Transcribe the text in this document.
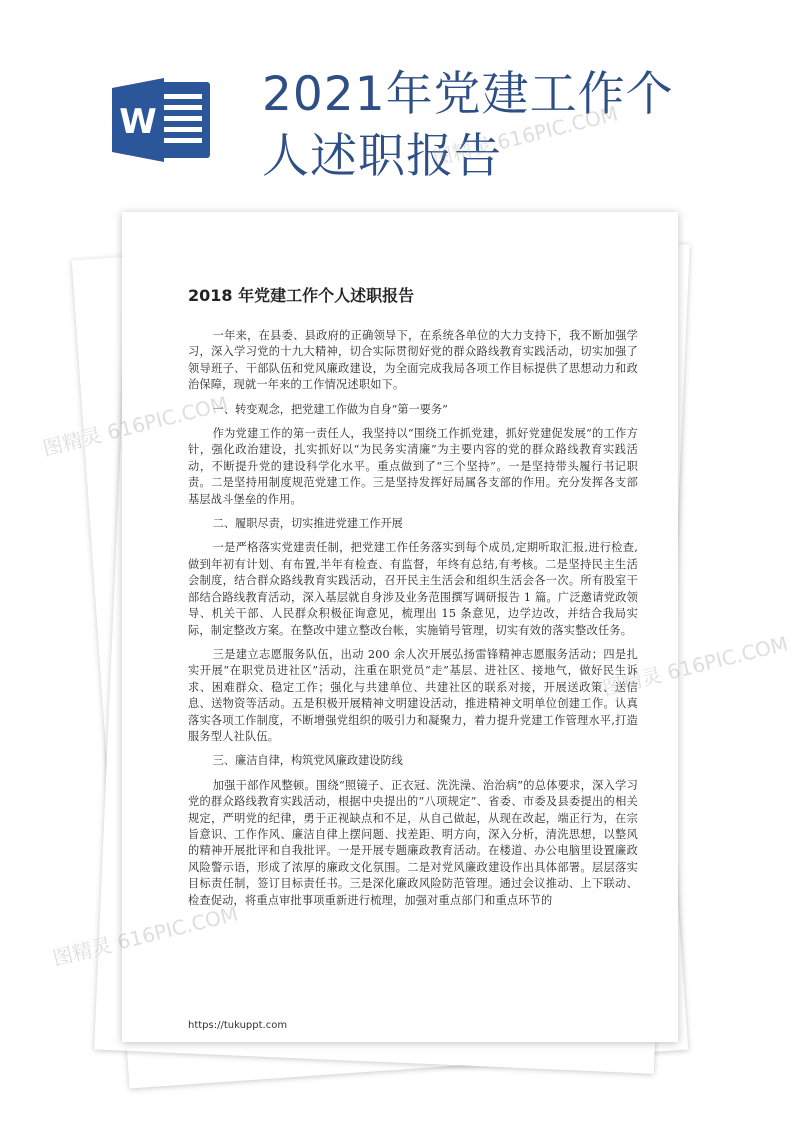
W 2021年党建工作个人述职报告
2018 年党建工作个人述职报告

一年来，在县委、县政府的正确领导下，在系统各单位的大力支持下，我不断加强学习，深入学习党的十九大精神，切合实际贯彻好党的群众路线教育实践活动，切实加强了领导班子、干部队伍和党风廉政建设，为全面完成我局各项工作目标提供了思想动力和政治保障，现就一年来的工作情况述职如下。

一、转变观念，把党建工作做为自身“第一要务”

作为党建工作的第一责任人，我坚持以“围绕工作抓党建，抓好党建促发展”的工作方针，强化政治建设，扎实抓好以“为民务实清廉”为主要内容的党的群众路线教育实践活动，不断提升党的建设科学化水平。重点做到了“三个坚持”。一是坚持带头履行书记职责。二是坚持用制度规范党建工作。三是坚持发挥好局属各支部的作用。充分发挥各支部基层战斗堡垒的作用。

二、履职尽责，切实推进党建工作开展

一是严格落实党建责任制，把党建工作任务落实到每个成员,定期听取汇报,进行检查,做到年初有计划、有布置,半年有检查、有监督，年终有总结,有考核。二是坚持民主生活会制度，结合群众路线教育实践活动，召开民主生活会和组织生活会各一次。所有股室干部结合路线教育活动，深入基层就自身涉及业务范围撰写调研报告 1 篇。广泛邀请党政领导、机关干部、人民群众积极征询意见，梳理出 15 条意见，边学边改，并结合我局实际，制定整改方案。在整改中建立整改台帐，实施销号管理，切实有效的落实整改任务。

三是建立志愿服务队伍，出动 200 余人次开展弘扬雷锋精神志愿服务活动；四是扎实开展“在职党员进社区”活动，注重在职党员“走”基层、进社区、接地气，做好民生诉求、困难群众、稳定工作；强化与共建单位、共建社区的联系对接，开展送政策、送信息、送物资等活动。五是积极开展精神文明建设活动，推进精神文明单位创建工作。认真落实各项工作制度，不断增强党组织的吸引力和凝聚力，着力提升党建工作管理水平,打造服务型人社队伍。

三、廉洁自律，构筑党风廉政建设防线

加强干部作风整顿。围绕“照镜子、正衣冠、洗洗澡、治治病”的总体要求，深入学习党的群众路线教育实践活动，根据中央提出的“八项规定”、省委、市委及县委提出的相关规定，严明党的纪律，勇于正视缺点和不足，从自己做起，从现在改起，端正行为，在宗旨意识、工作作风、廉洁自律上摆问题、找差距、明方向，深入分析，清洗思想，以整风的精神开展批评和自我批评。一是开展专题廉政教育活动。在楼道、办公电脑里设置廉政风险警示语，形成了浓厚的廉政文化氛围。二是对党风廉政建设作出具体部署。层层落实目标责任制，签订目标责任书。三是深化廉政风险防范管理。通过会议推动、上下联动、检查促动，将重点审批事项重新进行梳理，加强对重点部门和重点环节的

https://tukuppt.com
图精灵 616PIC.COM
图精灵 616PIC.COM
图精灵 616PIC.COM
图精灵 616PIC.COM
